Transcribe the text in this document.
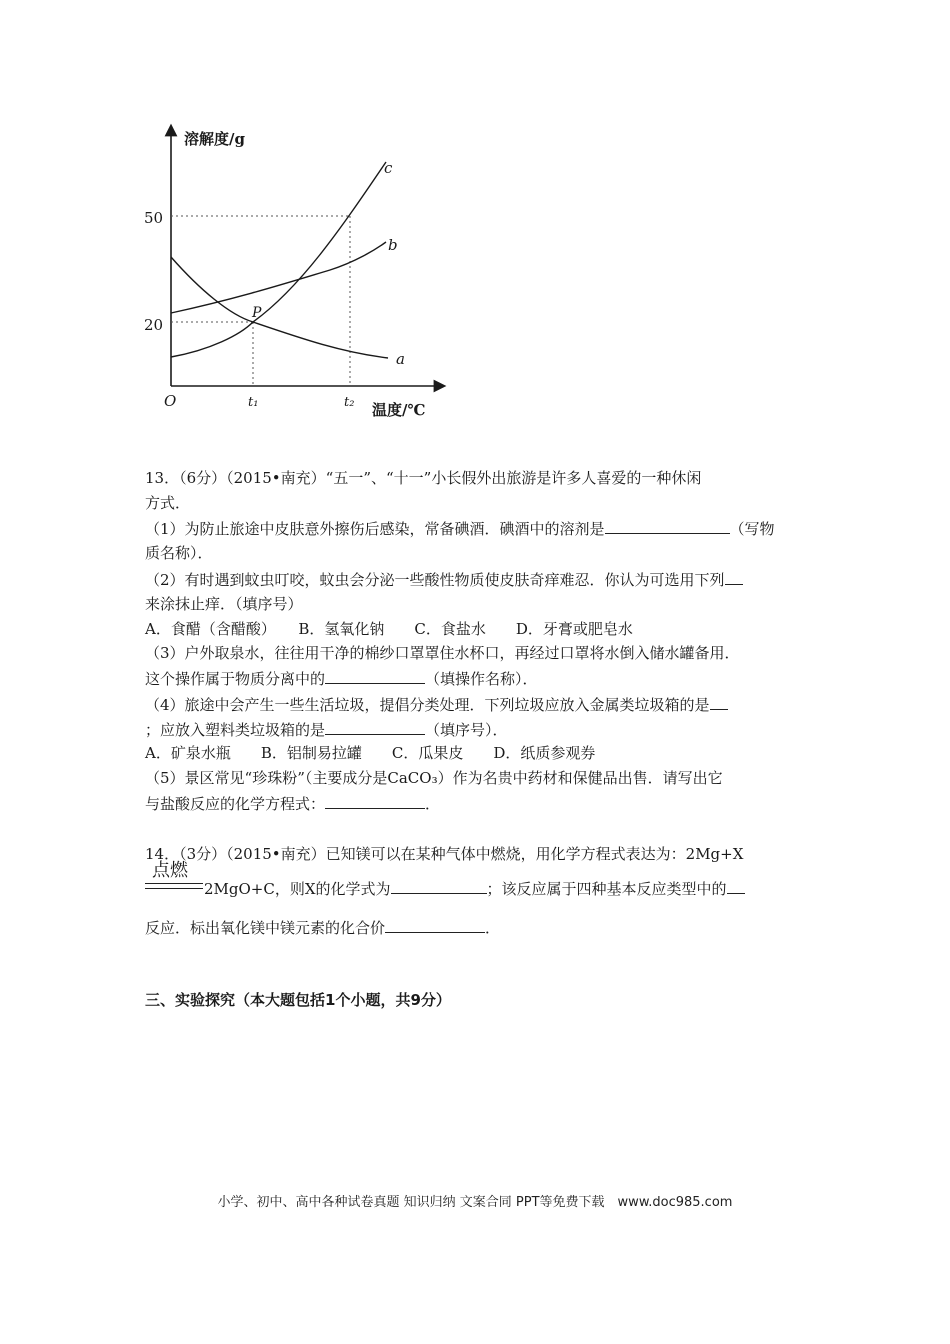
溶解度/g
温度/℃
O
50
20
t₁	t₂
c
b
a
P
13．（6分）（2015•南充）“五一”、“十一”小长假外出旅游是许多人喜爱的一种休闲
方式．
（1）为防止旅途中皮肤意外擦伤后感染，常备碘酒．碘酒中的溶剂是	（写物
质名称）．
（2）有时遇到蚊虫叮咬，蚊虫会分泌一些酸性物质使皮肤奇痒难忍．你认为可选用下列
来涂抹止痒．（填序号）
A．食醋（含醋酸）　　B．氢氧化钠　　C．食盐水　　D．牙膏或肥皂水
（3）户外取泉水，往往用干净的棉纱口罩罩住水杯口，再经过口罩将水倒入储水罐备用．
这个操作属于物质分离中的	（填操作名称）．
（4）旅途中会产生一些生活垃圾，提倡分类处理．下列垃圾应放入金属类垃圾箱的是
；应放入塑料类垃圾箱的是	（填序号）．
A．矿泉水瓶　　B．铝制易拉罐　　C．瓜果皮　　D．纸质参观券
（5）景区常见“珍珠粉”（主要成分是CaCO₃）作为名贵中药材和保健品出售．请写出它
与盐酸反应的化学方程式：	．
14．（3分）（2015•南充）已知镁可以在某种气体中燃烧，用化学方程式表达为：2Mg+X
点燃
2MgO+C，则X的化学式为	；该反应属于四种基本反应类型中的
反应．标出氧化镁中镁元素的化合价	．
三、实验探究（本大题包括1个小题，共9分）
小学、初中、高中各种试卷真题 知识归纳 文案合同 PPT等免费下载　www.doc985.com
